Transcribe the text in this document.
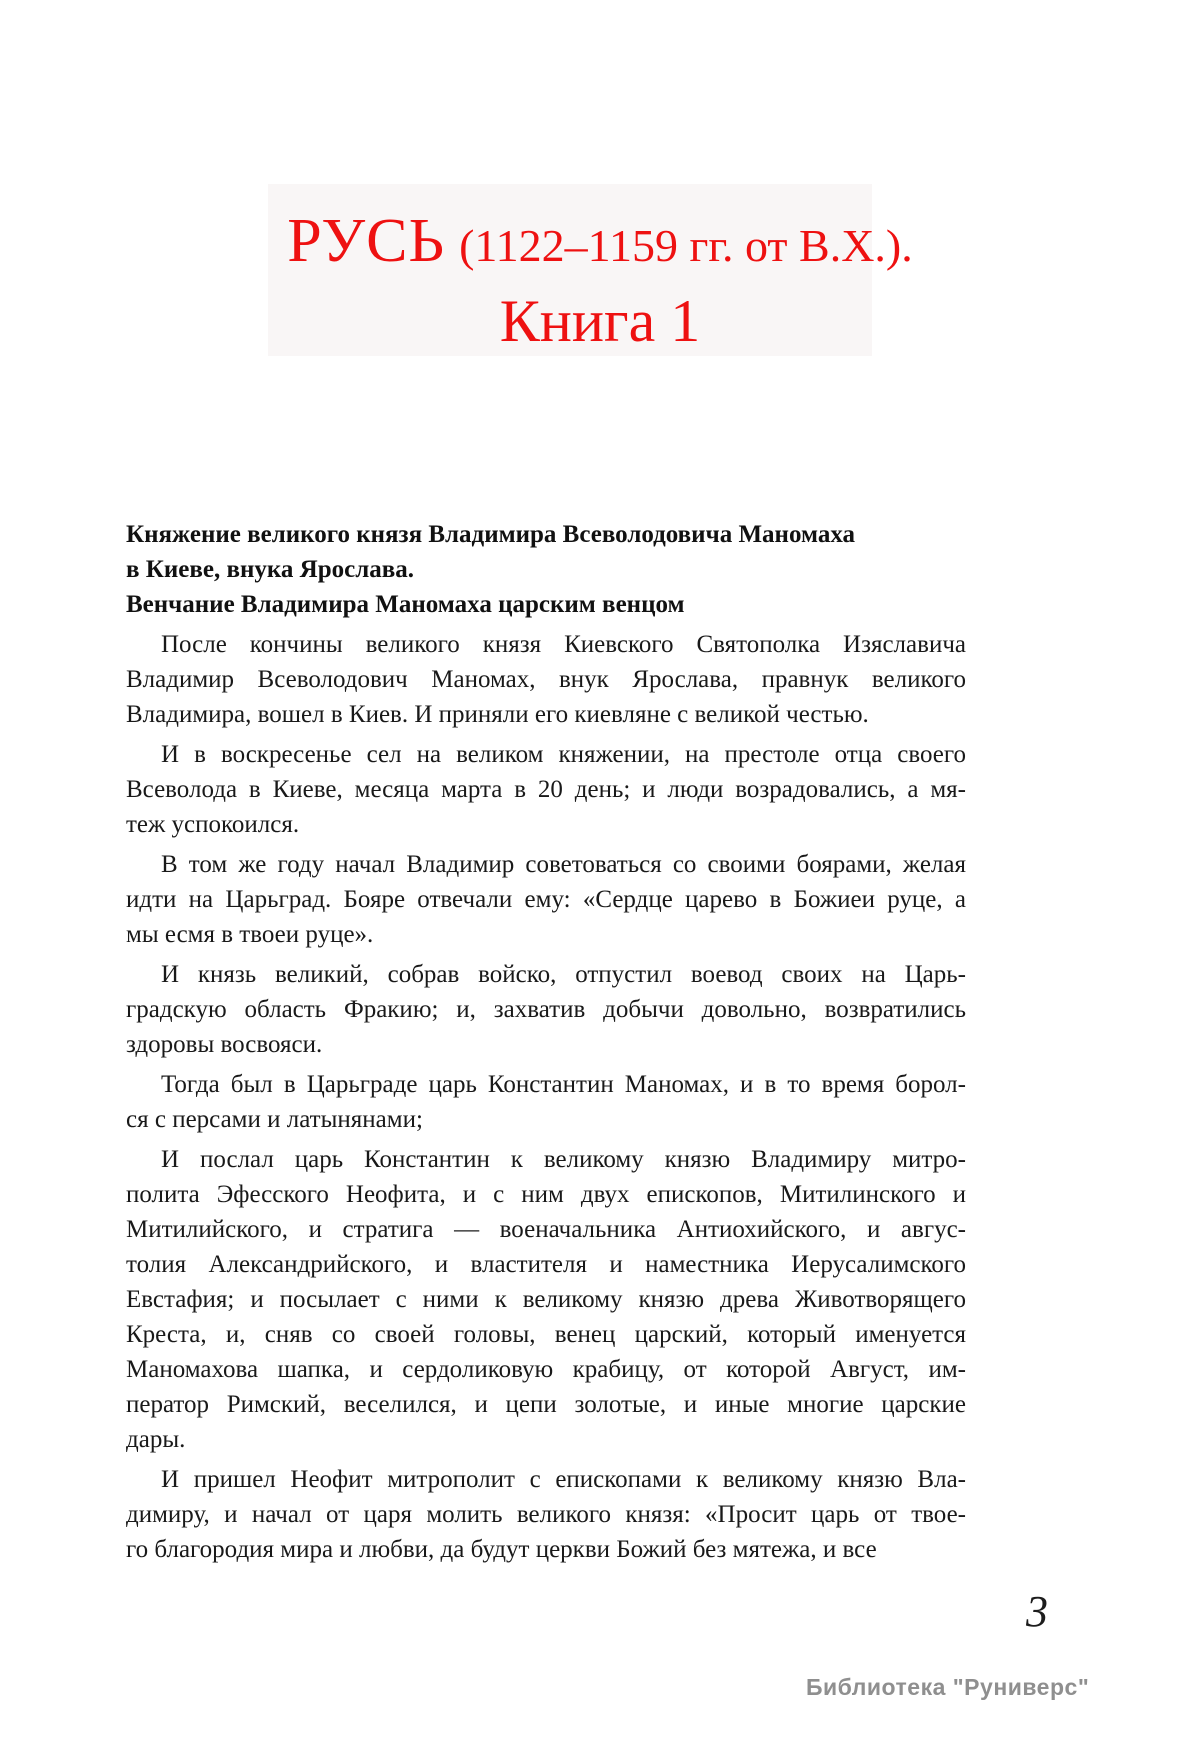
РУСЬ (1122–1159 гг. от В.Х.).
Книга 1
Княжение великого князя Владимира Всеволодовича Маномаха
в Киеве, внука Ярослава.
Венчание Владимира Маномаха царским венцом
После кончины великого князя Киевского Святополка Изяславича
Владимир Всеволодович Маномах, внук Ярослава, правнук великого
Владимира, вошел в Киев. И приняли его киевляне с великой честью.
И в воскресенье сел на великом княжении, на престоле отца своего
Всеволода в Киеве, месяца марта в 20 день; и люди возрадовались, а мя-
теж успокоился.
В том же году начал Владимир советоваться со своими боярами, желая
идти на Царьград. Бояре отвечали ему: «Сердце царево в Божиеи руце, а
мы есмя в твоеи руце».
И князь великий, собрав войско, отпустил воевод своих на Царь-
градскую область Фракию; и, захватив добычи довольно, возвратились
здоровы восвояси.
Тогда был в Царьграде царь Константин Маномах, и в то время борол-
ся с персами и латынянами;
И послал царь Константин к великому князю Владимиру митро-
полита Эфесского Неофита, и с ним двух епископов, Митилинского и
Митилийского, и стратига — военачальника Антиохийского, и авгус-
толия Александрийского, и властителя и наместника Иерусалимского
Евстафия; и посылает с ними к великому князю древа Животворящего
Креста, и, сняв со своей головы, венец царский, который именуется
Маномахова шапка, и сердоликовую крабицу, от которой Август, им-
ператор Римский, веселился, и цепи золотые, и иные многие царские
дары.
И пришел Неофит митрополит с епископами к великому князю Вла-
димиру, и начал от царя молить великого князя: «Просит царь от твое-
го благородия мира и любви, да будут церкви Божий без мятежа, и все
3
Библиотека "Руниверс"
